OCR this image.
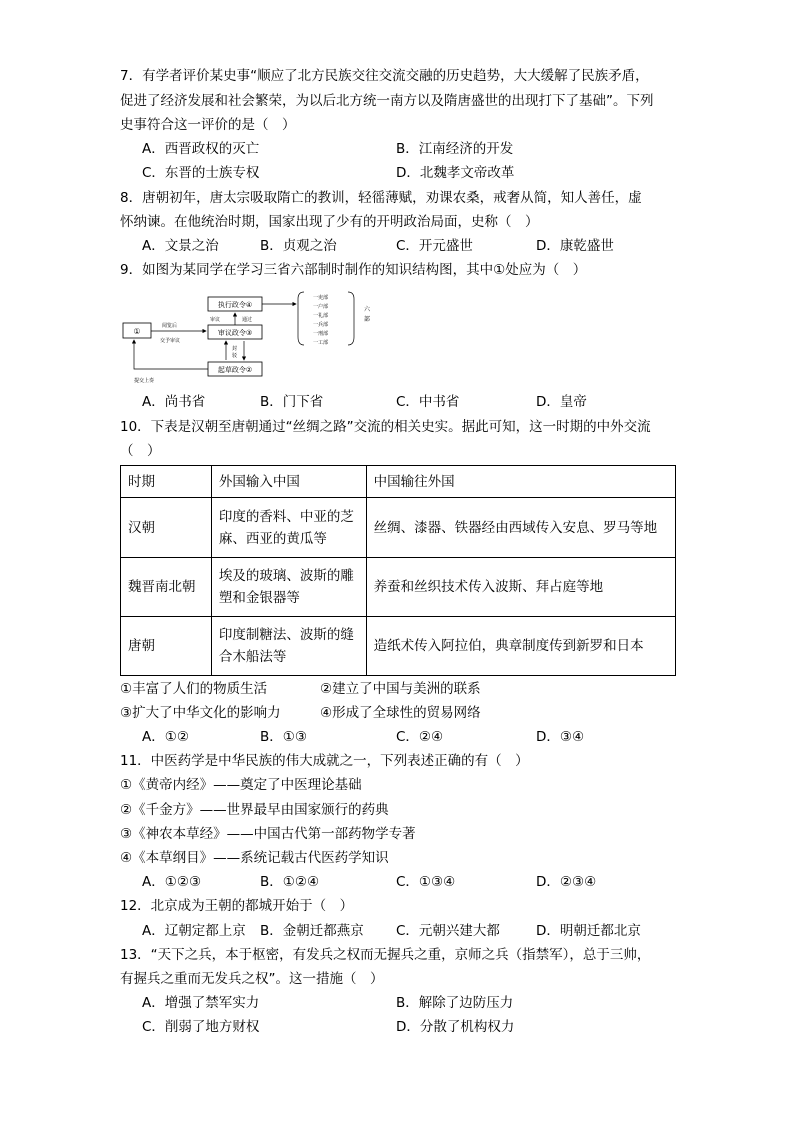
7．有学者评价某史事“顺应了北方民族交往交流交融的历史趋势，大大缓解了民族矛盾，
促进了经济发展和社会繁荣，为以后北方统一南方以及隋唐盛世的出现打下了基础”。下列
史事符合这一评价的是（　）
A．西晋政权的灭亡	B．江南经济的开发
C．东晋的士族专权	D．北魏孝文帝改革
8．唐朝初年，唐太宗吸取隋亡的教训，轻徭薄赋，劝课农桑，戒奢从简，知人善任，虚
怀纳谏。在他统治时期，国家出现了少有的开明政治局面，史称（　）
A．文景之治	B．贞观之治	C．开元盛世	D．康乾盛世
9．如图为某同学在学习三省六部制时制作的知识结构图，其中①处应为（　）
①
执行政令④
审议政令③
起草政令②
阅览后
交予审议
审议	通过
封
驳
提交上奏
一吏部
一户部
一礼部
一兵部
一刑部
一工部
六
部
A．尚书省	B．门下省	C．中书省	D．皇帝
10．下表是汉朝至唐朝通过“丝绸之路”交流的相关史实。据此可知，这一时期的中外交流
（　）
时期	外国输入中国	中国输往外国
汉朝	印度的香料、中亚的芝麻、西亚的黄瓜等	丝绸、漆器、铁器经由西域传入安息、罗马等地
魏晋南北朝	埃及的玻璃、波斯的雕塑和金银器等	养蚕和丝织技术传入波斯、拜占庭等地
唐朝	印度制糖法、波斯的缝合木船法等	造纸术传入阿拉伯，典章制度传到新罗和日本
①丰富了人们的物质生活	②建立了中国与美洲的联系
③扩大了中华文化的影响力	④形成了全球性的贸易网络
A．①②	B．①③	C．②④	D．③④
11．中医药学是中华民族的伟大成就之一，下列表述正确的有（　）
①《黄帝内经》——奠定了中医理论基础
②《千金方》——世界最早由国家颁行的药典
③《神农本草经》——中国古代第一部药物学专著
④《本草纲目》——系统记载古代医药学知识
A．①②③	B．①②④	C．①③④	D．②③④
12．北京成为王朝的都城开始于（　）
A．辽朝定都上京 B．金朝迁都燕京 C．元朝兴建大都	D．明朝迁都北京
13．“天下之兵，本于枢密，有发兵之权而无握兵之重，京师之兵（指禁军），总于三帅，
有握兵之重而无发兵之权”。这一措施（　）
A．增强了禁军实力	B．解除了边防压力
C．削弱了地方财权	D．分散了机构权力
